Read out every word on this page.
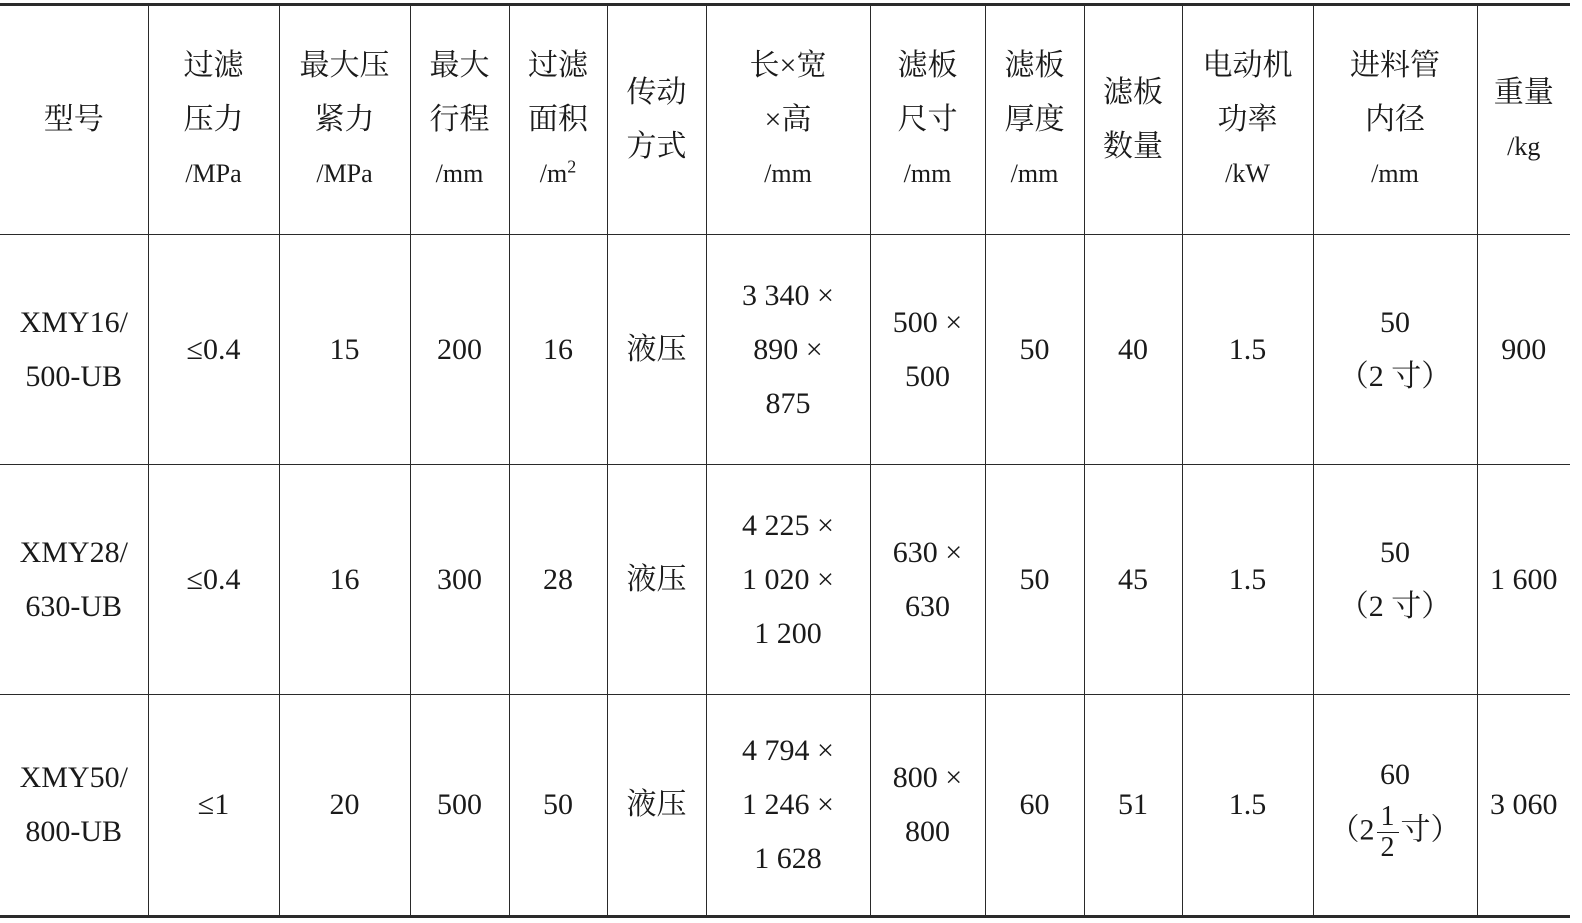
型号	过滤
压力
/MPa	最大压
紧力
/MPa	最大
行程
/mm	过滤
面积
$/m^2$	传动
方式	长×宽
×高
/mm	滤板
尺寸
/mm	滤板
厚度
/mm	滤板
数量	电动机
功率
/kW	进料管
内径
/mm	重量
/kg

XMY16/
500-UB	≤0.4	15	200	16	液压	3 340 ×
890 ×
875	500 ×
500	50	40	1.5	50
（2 寸）	900

XMY28/
630-UB	≤0.4	16	300	28	液压	4 225 ×
1 020 ×
1 200	630 ×
630	50	45	1.5	50
（2 寸）	1 600

XMY50/
800-UB	≤1	20	500	50	液压	4 794 ×
1 246 ×
1 628	800 ×
800	60	51	1.5	60
（$2 \frac{1}{2}$ 寸）	3 060
